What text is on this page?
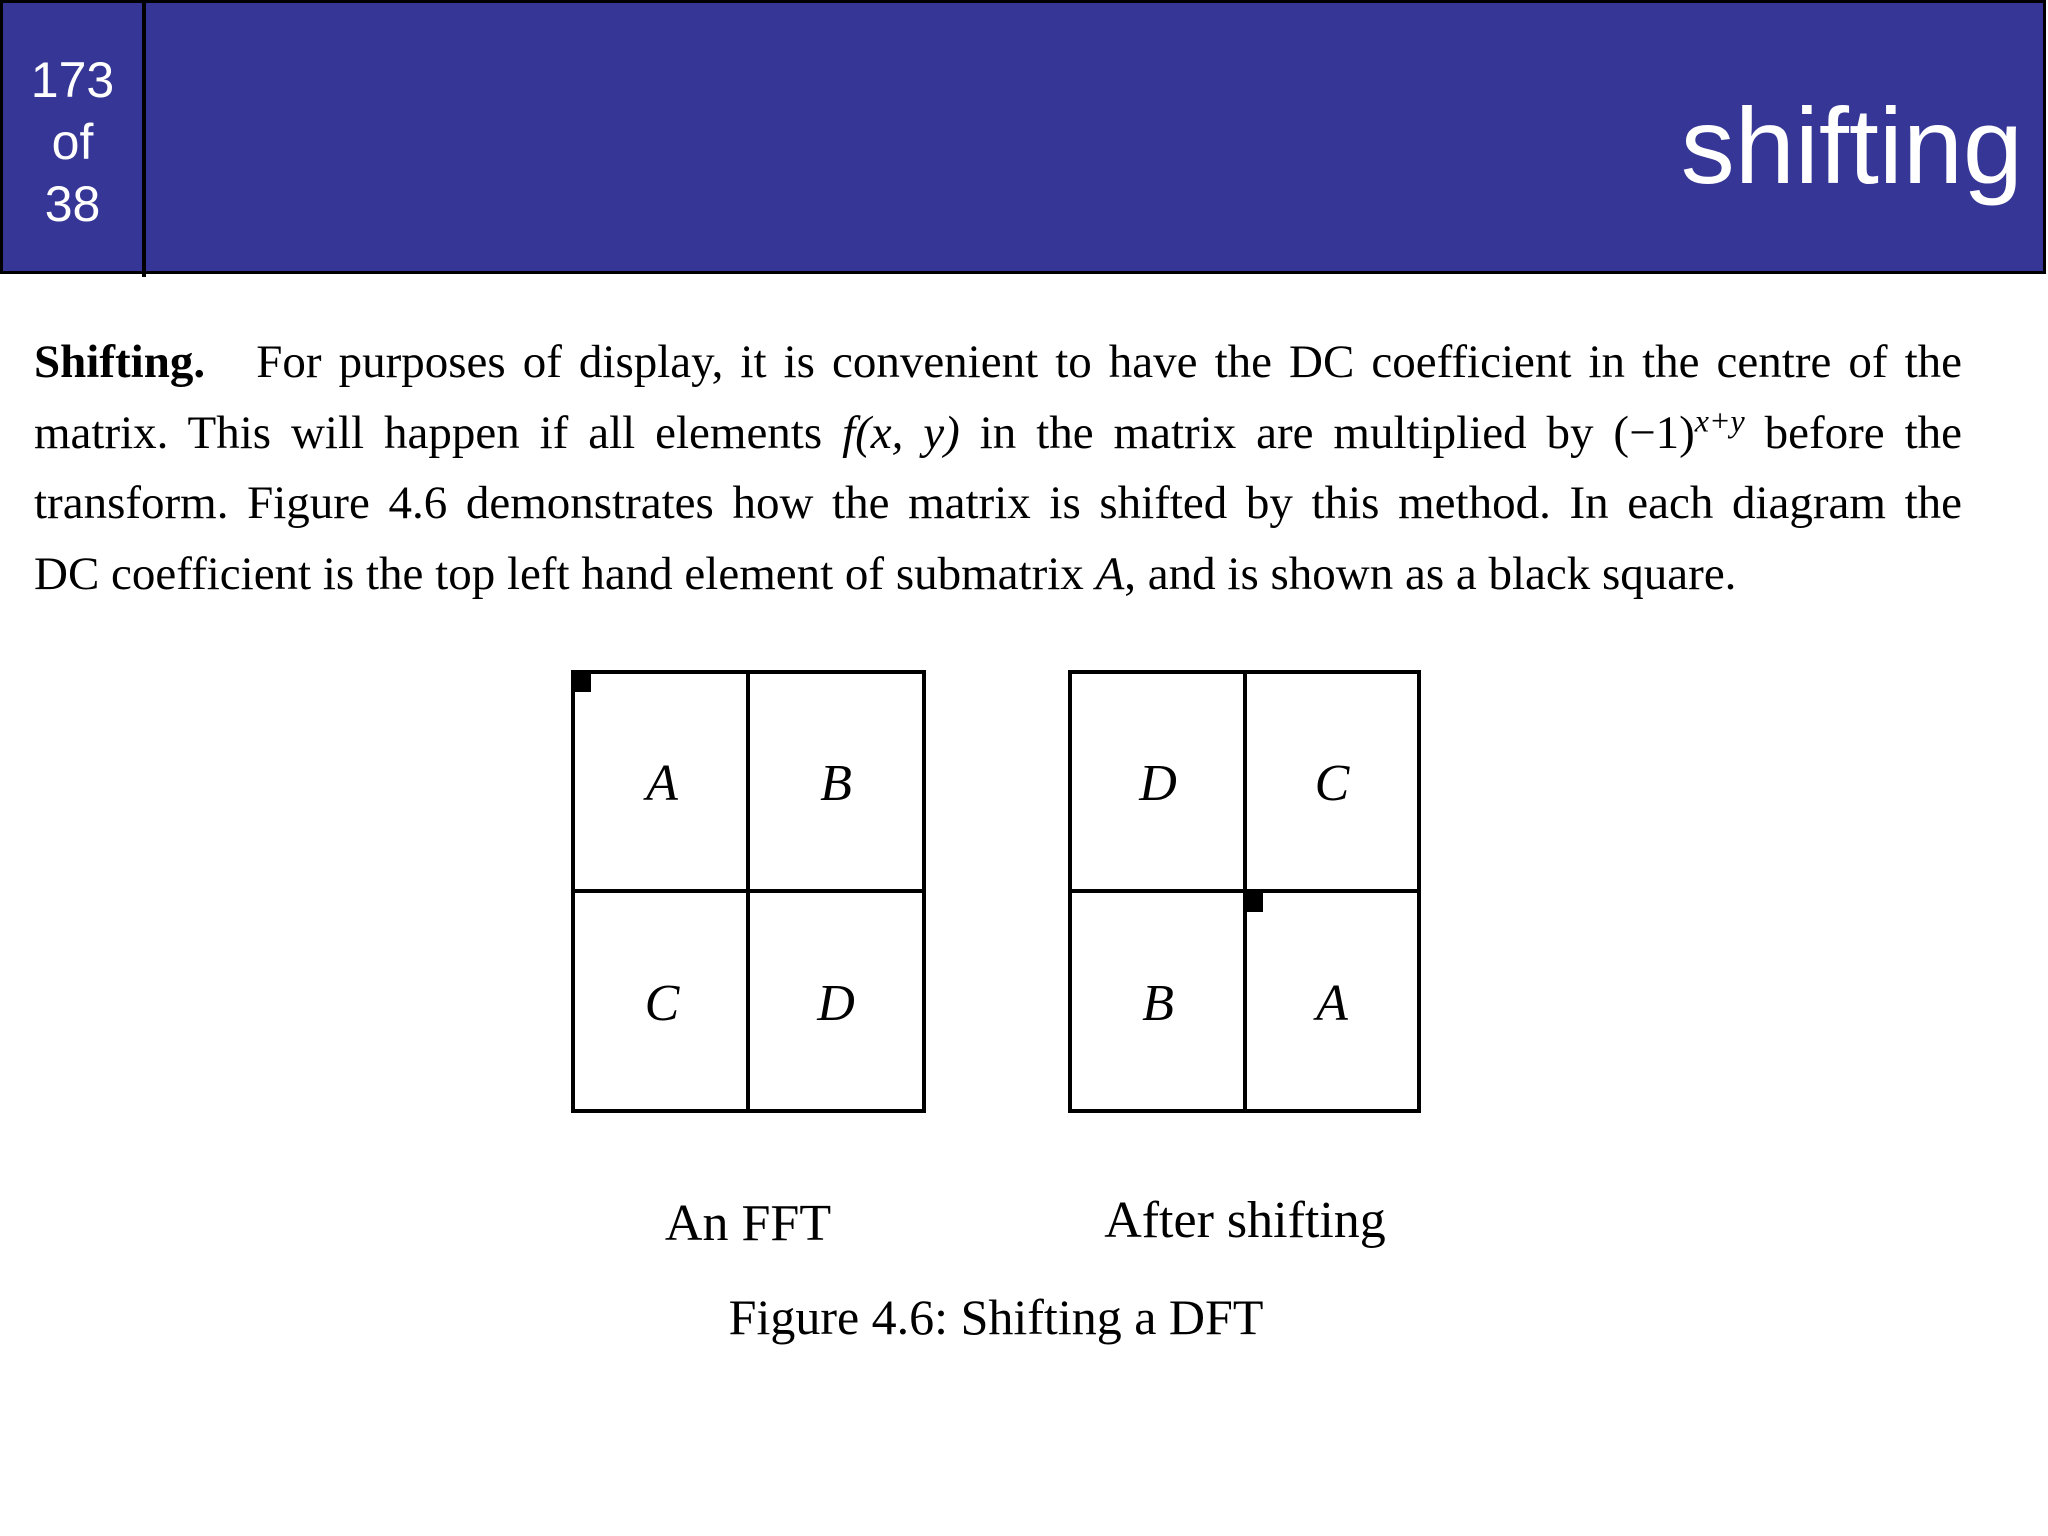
173
of
38	shifting
Shifting. For purposes of display, it is convenient to have the DC coefficient in the centre of the
matrix. This will happen if all elements f(x, y) in the matrix are multiplied by $(-1)^{x+y}$ before the
transform. Figure 4.6 demonstrates how the matrix is shifted by this method. In each diagram the
DC coefficient is the top left hand element of submatrix A, and is shown as a black square.
A	B
C	D
D	C
B	A
An FFT	After shifting
Figure 4.6: Shifting a DFT
